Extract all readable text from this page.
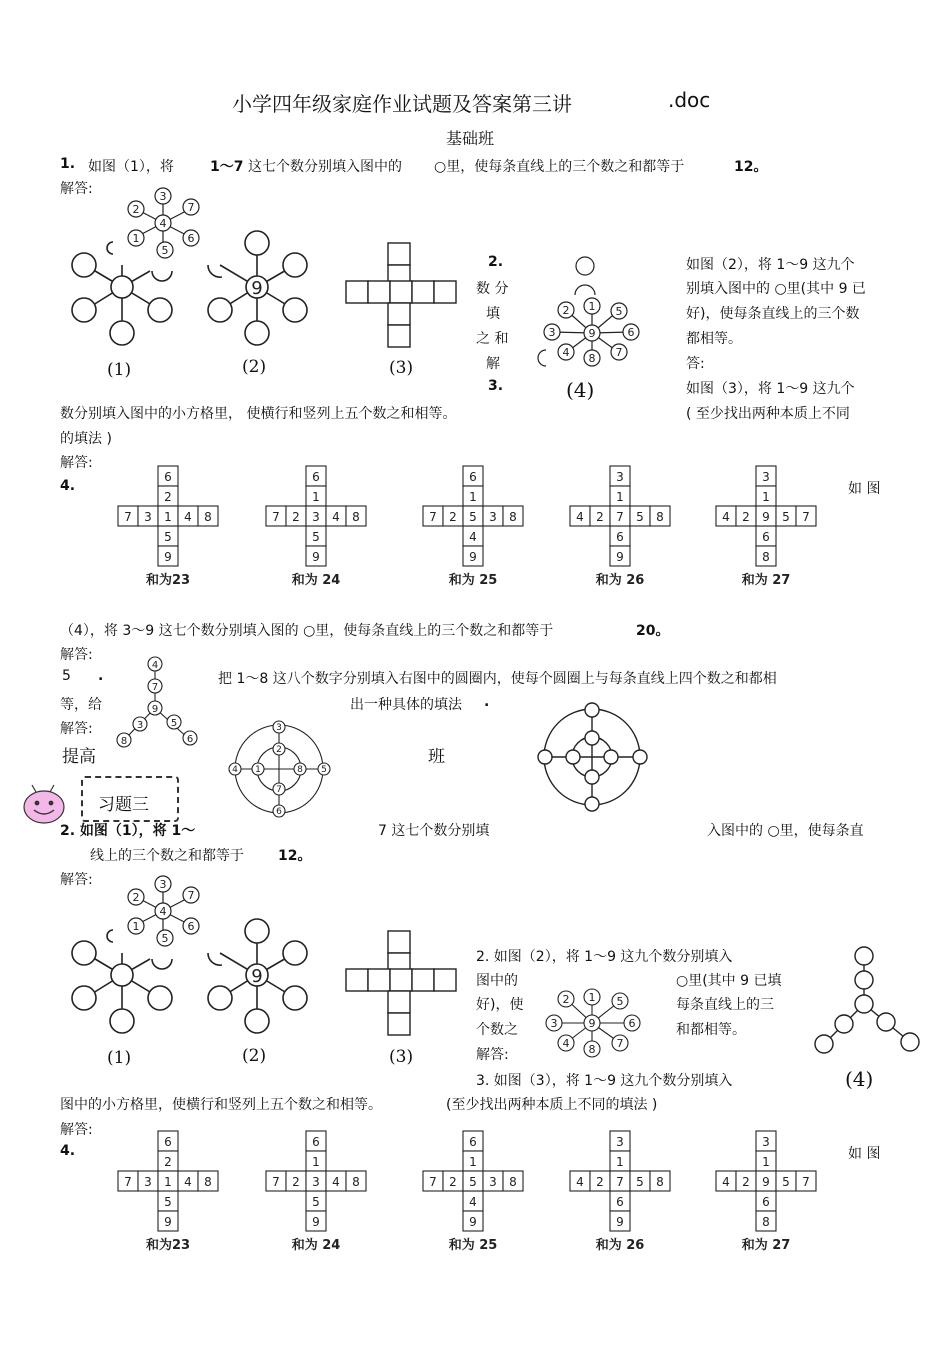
小学四年级家庭作业试题及答案第三讲	.doc
基础班
1. 如图（1），将	1～7 这七个数分别填入图中的 ○里，使每条直线上的三个数之和都等于	12。
解答:
4
2
3
7
1
5
6
9
(1)	(2)	(3)
2.
数 分
填
之 和
解
如图（2），将 1～9 这九个
别填入图中的 ○里(其中 9 已
好)，使每条直线上的三个数
都相等。
答:
9
2 1 5
3	6
4 8 7
(4)
3.	如图（3），将 1～9 这九个
数分别填入图中的小方格里， 使横行和竖列上五个数之和相等。	( 至少找出两种本质上不同
的填法 )
解答:
4.	如 图
6
2
5
9
7 3 1 4 8
和为23
6
1
5
9
7 2 3 4 8
和为 24
6
1
4
9
7 2 5 3 8
和为 25
3
1
6
9
4 2 7 5 8
和为 26
3
1
6
8
4 2 9 5 7
和为 27
（4），将 3～9 这七个数分别填入图的 ○里，使每条直线上的三个数之和都等于	20。
解答:
5 .	把 1～8 这八个数字分别填入右图中的圆圈内，使每个圆圈上与每条直线上四个数之和都相
等，给	出一种具体的填法 .
解答:
4
7
9
3
8
5
6
提高	班
3
2
4 1	8 5
7
6
习题三
2. 如图（1），将 1～	7 这七个数分别填	入图中的 ○里，使每条直
线上的三个数之和都等于 12。
解答:
4
2
3
7
1
5
6
9
(1)	(2)	(3)
2. 如图（2），将 1～9 这九个数分别填入
图中的
好)，使
个数之
解答:
○里(其中 9 已填
每条直线上的三
和都相等。
9
2 1 5
3	6
4 8 7
(4)
3. 如图（3），将 1～9 这九个数分别填入
图中的小方格里，使横行和竖列上五个数之和相等。	(至少找出两种本质上不同的填法 )
解答:
4.	如 图
6
2
5
9
7 3 1 4 8
和为23
6
1
5
9
7 2 3 4 8
和为 24
6
1
4
9
7 2 5 3 8
和为 25
3
1
6
9
4 2 7 5 8
和为 26
3
1
6
8
4 2 9 5 7
和为 27
